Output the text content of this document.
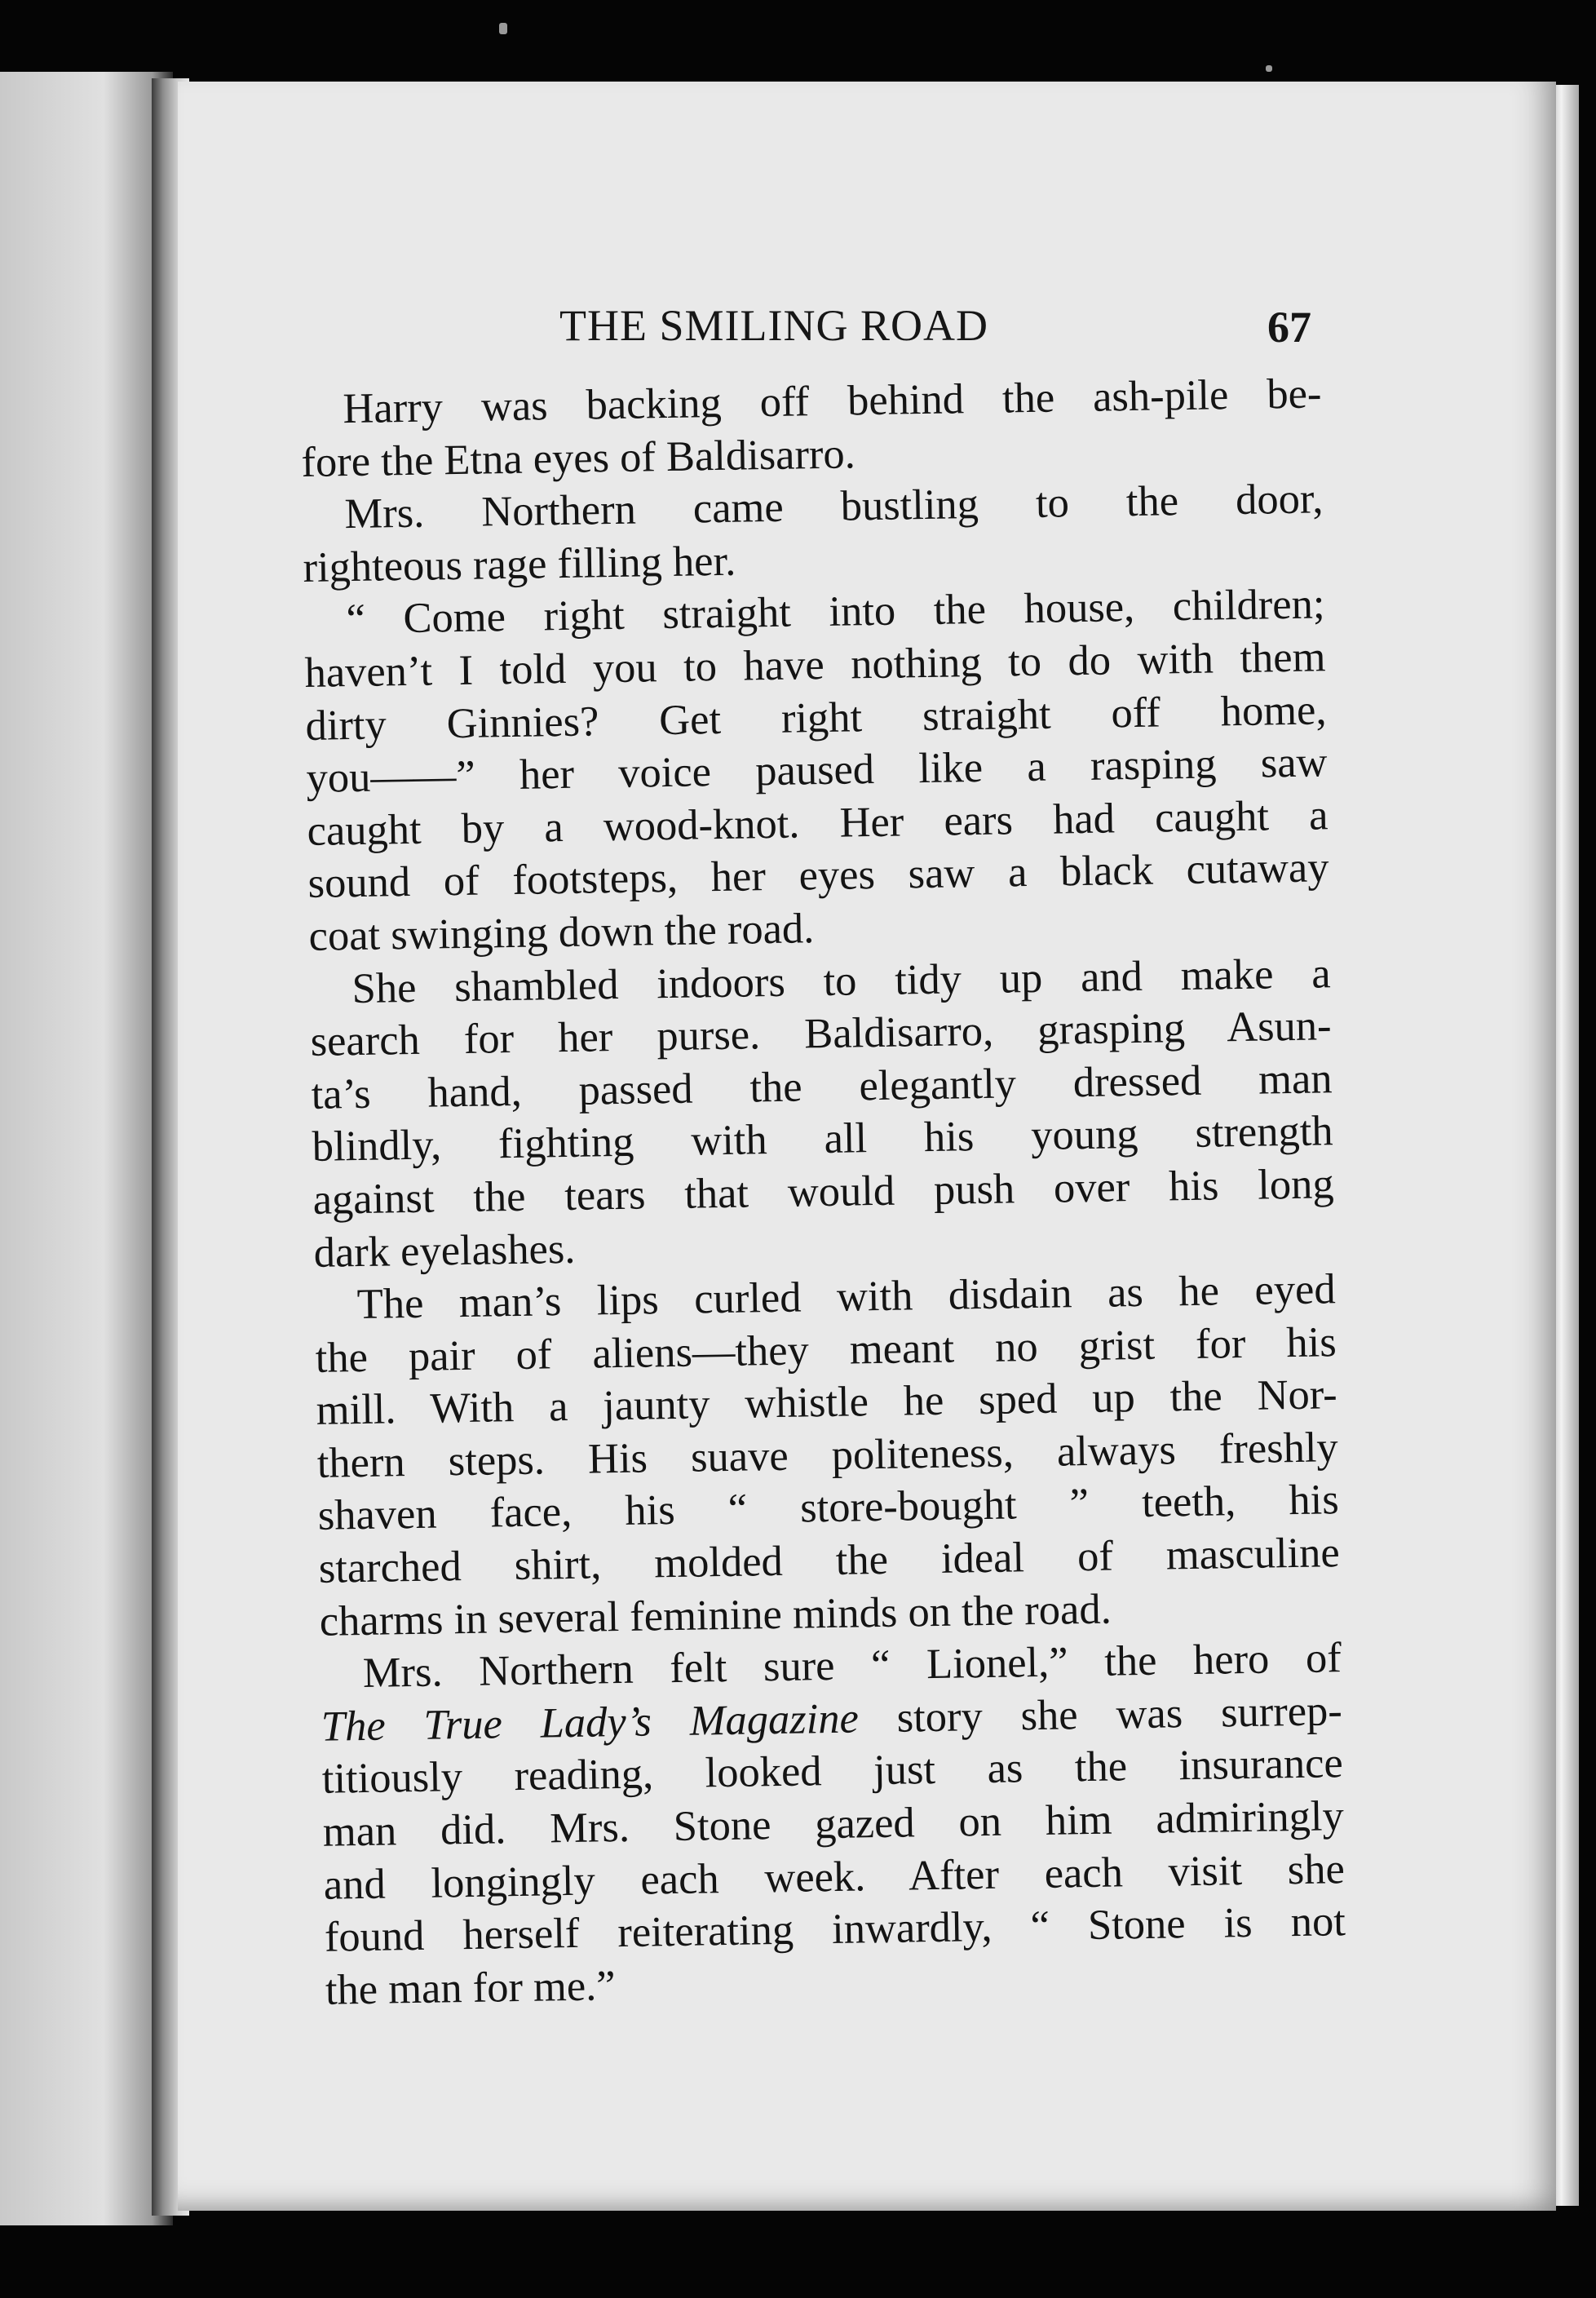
THE SMILING ROAD	67
Harry was backing off behind the ash-pile be-
fore the Etna eyes of Baldisarro.
Mrs. Northern came bustling to the door,
righteous rage filling her.
“ Come right straight into the house, children;
haven’t I told you to have nothing to do with them
dirty Ginnies? Get right straight off home,
you——” her voice paused like a rasping saw
caught by a wood-knot. Her ears had caught a
sound of footsteps, her eyes saw a black cutaway
coat swinging down the road.
She shambled indoors to tidy up and make a
search for her purse. Baldisarro, grasping Asun-
ta’s hand, passed the elegantly dressed man
blindly, fighting with all his young strength
against the tears that would push over his long
dark eyelashes.
The man’s lips curled with disdain as he eyed
the pair of aliens—they meant no grist for his
mill. With a jaunty whistle he sped up the Nor-
thern steps. His suave politeness, always freshly
shaven face, his “ store-bought ” teeth, his
starched shirt, molded the ideal of masculine
charms in several feminine minds on the road.
Mrs. Northern felt sure “ Lionel,” the hero of
The True Lady’s Magazine story she was surrep-
titiously reading, looked just as the insurance
man did. Mrs. Stone gazed on him admiringly
and longingly each week. After each visit she
found herself reiterating inwardly, “ Stone is not
the man for me.”
